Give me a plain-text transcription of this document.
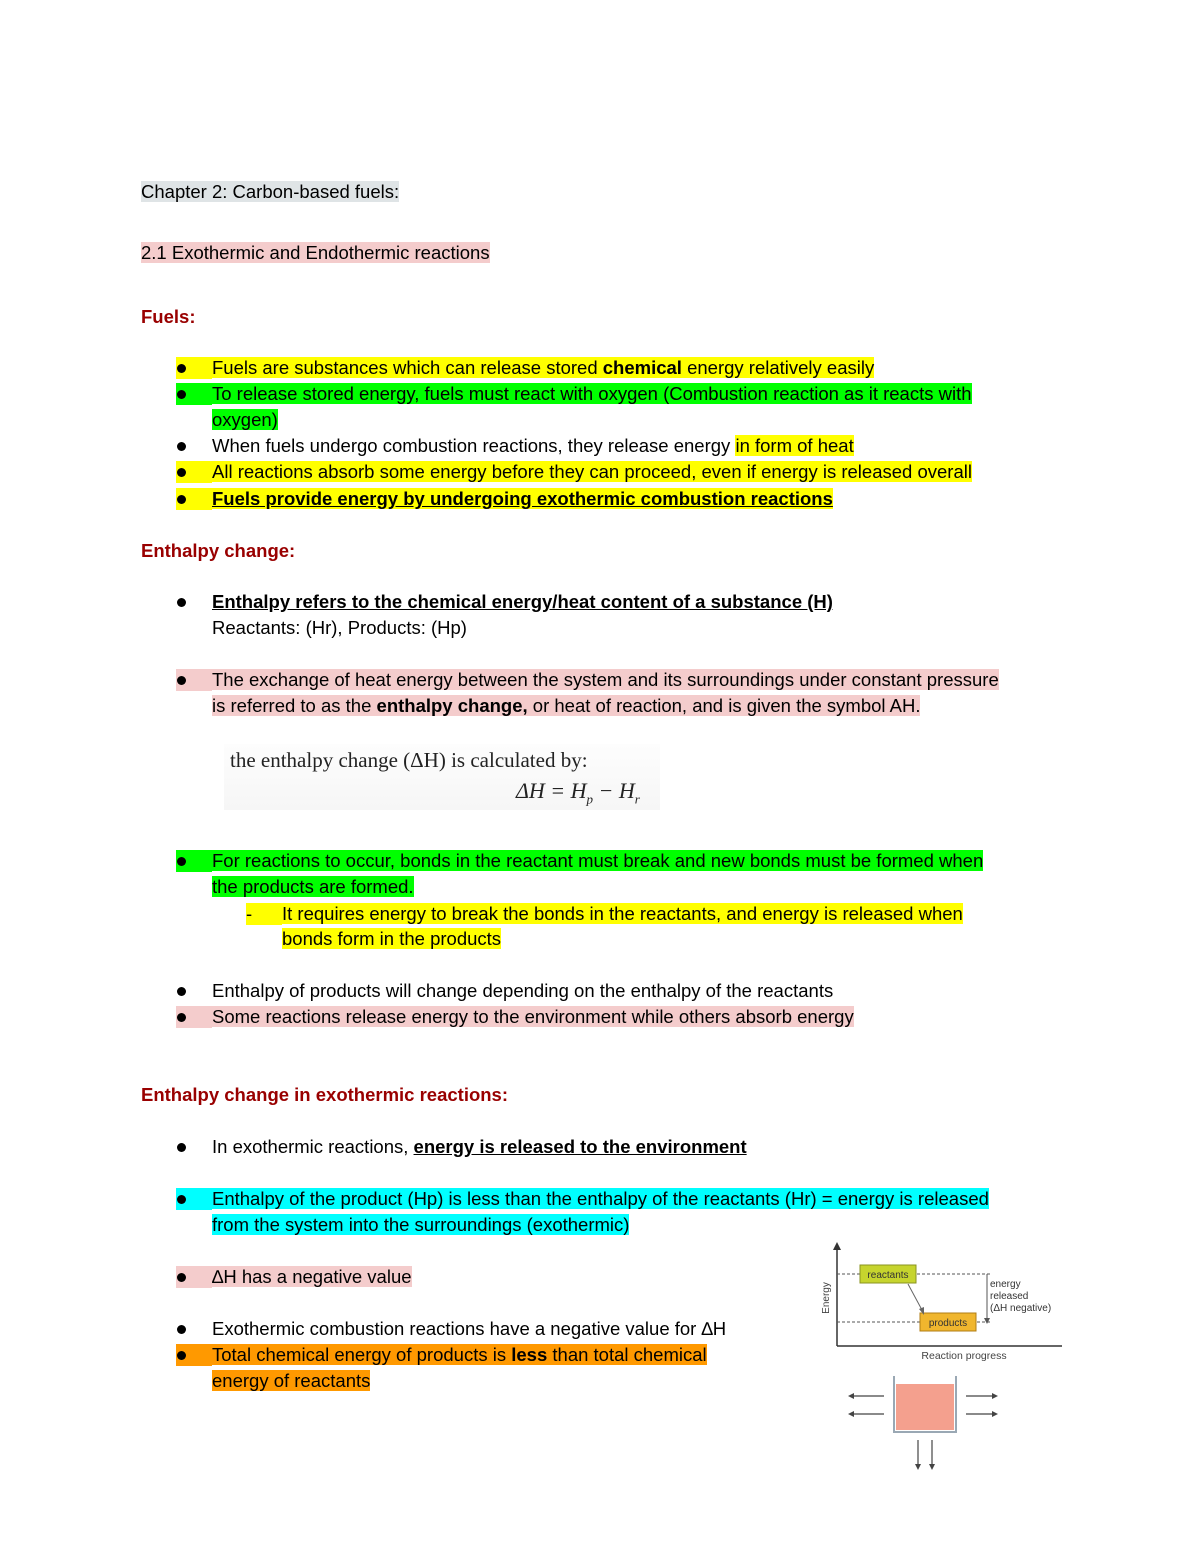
Chapter 2: Carbon-based fuels:
2.1 Exothermic and Endothermic reactions
Fuels:
Fuels are substances which can release stored chemical energy relatively easily
To release stored energy, fuels must react with oxygen (Combustion reaction as it reacts with
oxygen)
When fuels undergo combustion reactions, they release energy in form of heat
All reactions absorb some energy before they can proceed, even if energy is released overall
Fuels provide energy by undergoing exothermic combustion reactions
Enthalpy change:
Enthalpy refers to the chemical energy/heat content of a substance (H)
Reactants: (Hr), Products: (Hp)
The exchange of heat energy between the system and its surroundings under constant pressure
is referred to as the enthalpy change, or heat of reaction, and is given the symbol AH.
the enthalpy change (ΔH) is calculated by:
$\Delta H = H_p - H_r$
For reactions to occur, bonds in the reactant must break and new bonds must be formed when
the products are formed.
-	It requires energy to break the bonds in the reactants, and energy is released when
bonds form in the products
Enthalpy of products will change depending on the enthalpy of the reactants
Some reactions release energy to the environment while others absorb energy
Enthalpy change in exothermic reactions:
In exothermic reactions, energy is released to the environment
Enthalpy of the product (Hp) is less than the enthalpy of the reactants (Hr) = energy is released
from the system into the surroundings (exothermic)
∆H has a negative value
Exothermic combustion reactions have a negative value for ∆H
Total chemical energy of products is less than total chemical
energy of reactants
Energy
Reaction progress
reactants
products
energy
released
(ΔH negative)
